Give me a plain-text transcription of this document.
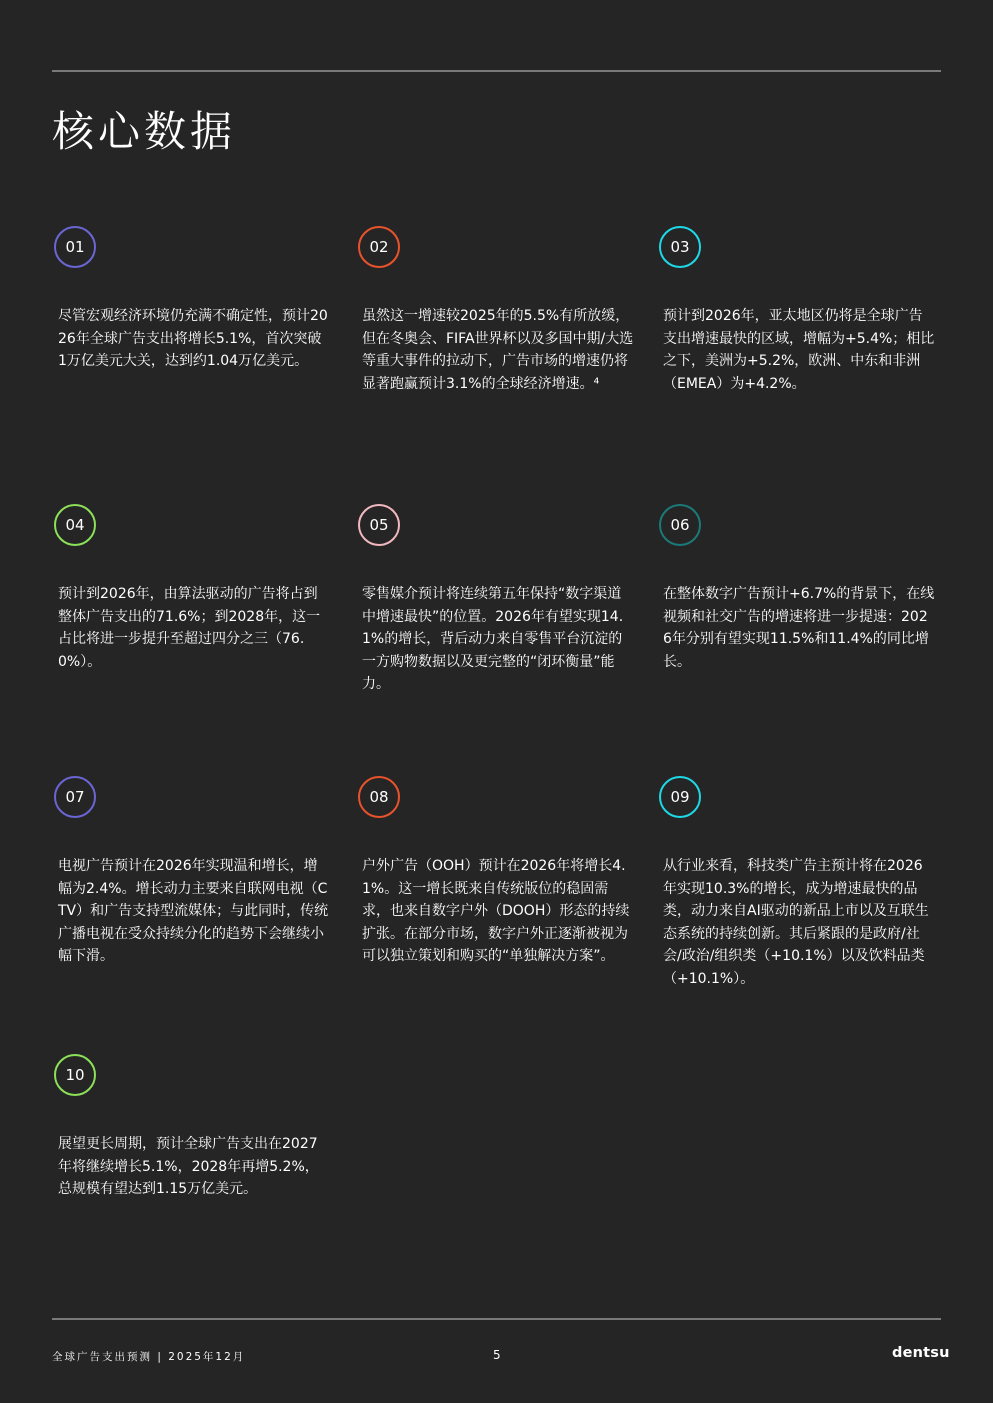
核心数据
01
尽管宏观经济环境仍充满不确定性，预计2026年全球广告支出将增长5.1%，首次突破1万亿美元大关，达到约1.04万亿美元。
02
虽然这一增速较2025年的5.5%有所放缓，但在冬奥会、FIFA世界杯以及多国中期/大选等重大事件的拉动下，广告市场的增速仍将显著跑赢预计3.1%的全球经济增速。⁴
03
预计到2026年，亚太地区仍将是全球广告支出增速最快的区域，增幅为+5.4%；相比之下，美洲为+5.2%，欧洲、中东和非洲（EMEA）为+4.2%。
04
预计到2026年，由算法驱动的广告将占到整体广告支出的71.6%；到2028年，这一占比将进一步提升至超过四分之三（76.0%）。
05
零售媒介预计将连续第五年保持“数字渠道中增速最快”的位置。2026年有望实现14.1%的增长，背后动力来自零售平台沉淀的一方购物数据以及更完整的“闭环衡量”能力。
06
在整体数字广告预计+6.7%的背景下，在线视频和社交广告的增速将进一步提速：2026年分别有望实现11.5%和11.4%的同比增长。
07
电视广告预计在2026年实现温和增长，增幅为2.4%。增长动力主要来自联网电视（CTV）和广告支持型流媒体；与此同时，传统广播电视在受众持续分化的趋势下会继续小幅下滑。
08
户外广告（OOH）预计在2026年将增长4.1%。这一增长既来自传统版位的稳固需求，也来自数字户外（DOOH）形态的持续扩张。在部分市场，数字户外正逐渐被视为可以独立策划和购买的“单独解决方案”。
09
从行业来看，科技类广告主预计将在2026年实现10.3%的增长，成为增速最快的品类，动力来自AI驱动的新品上市以及互联生态系统的持续创新。其后紧跟的是政府/社会/政治/组织类（+10.1%）以及饮料品类（+10.1%）。
10
展望更长周期，预计全球广告支出在2027年将继续增长5.1%，2028年再增5.2%，总规模有望达到1.15万亿美元。
全球广告支出预测 | 2025年12月	5	dentsu
